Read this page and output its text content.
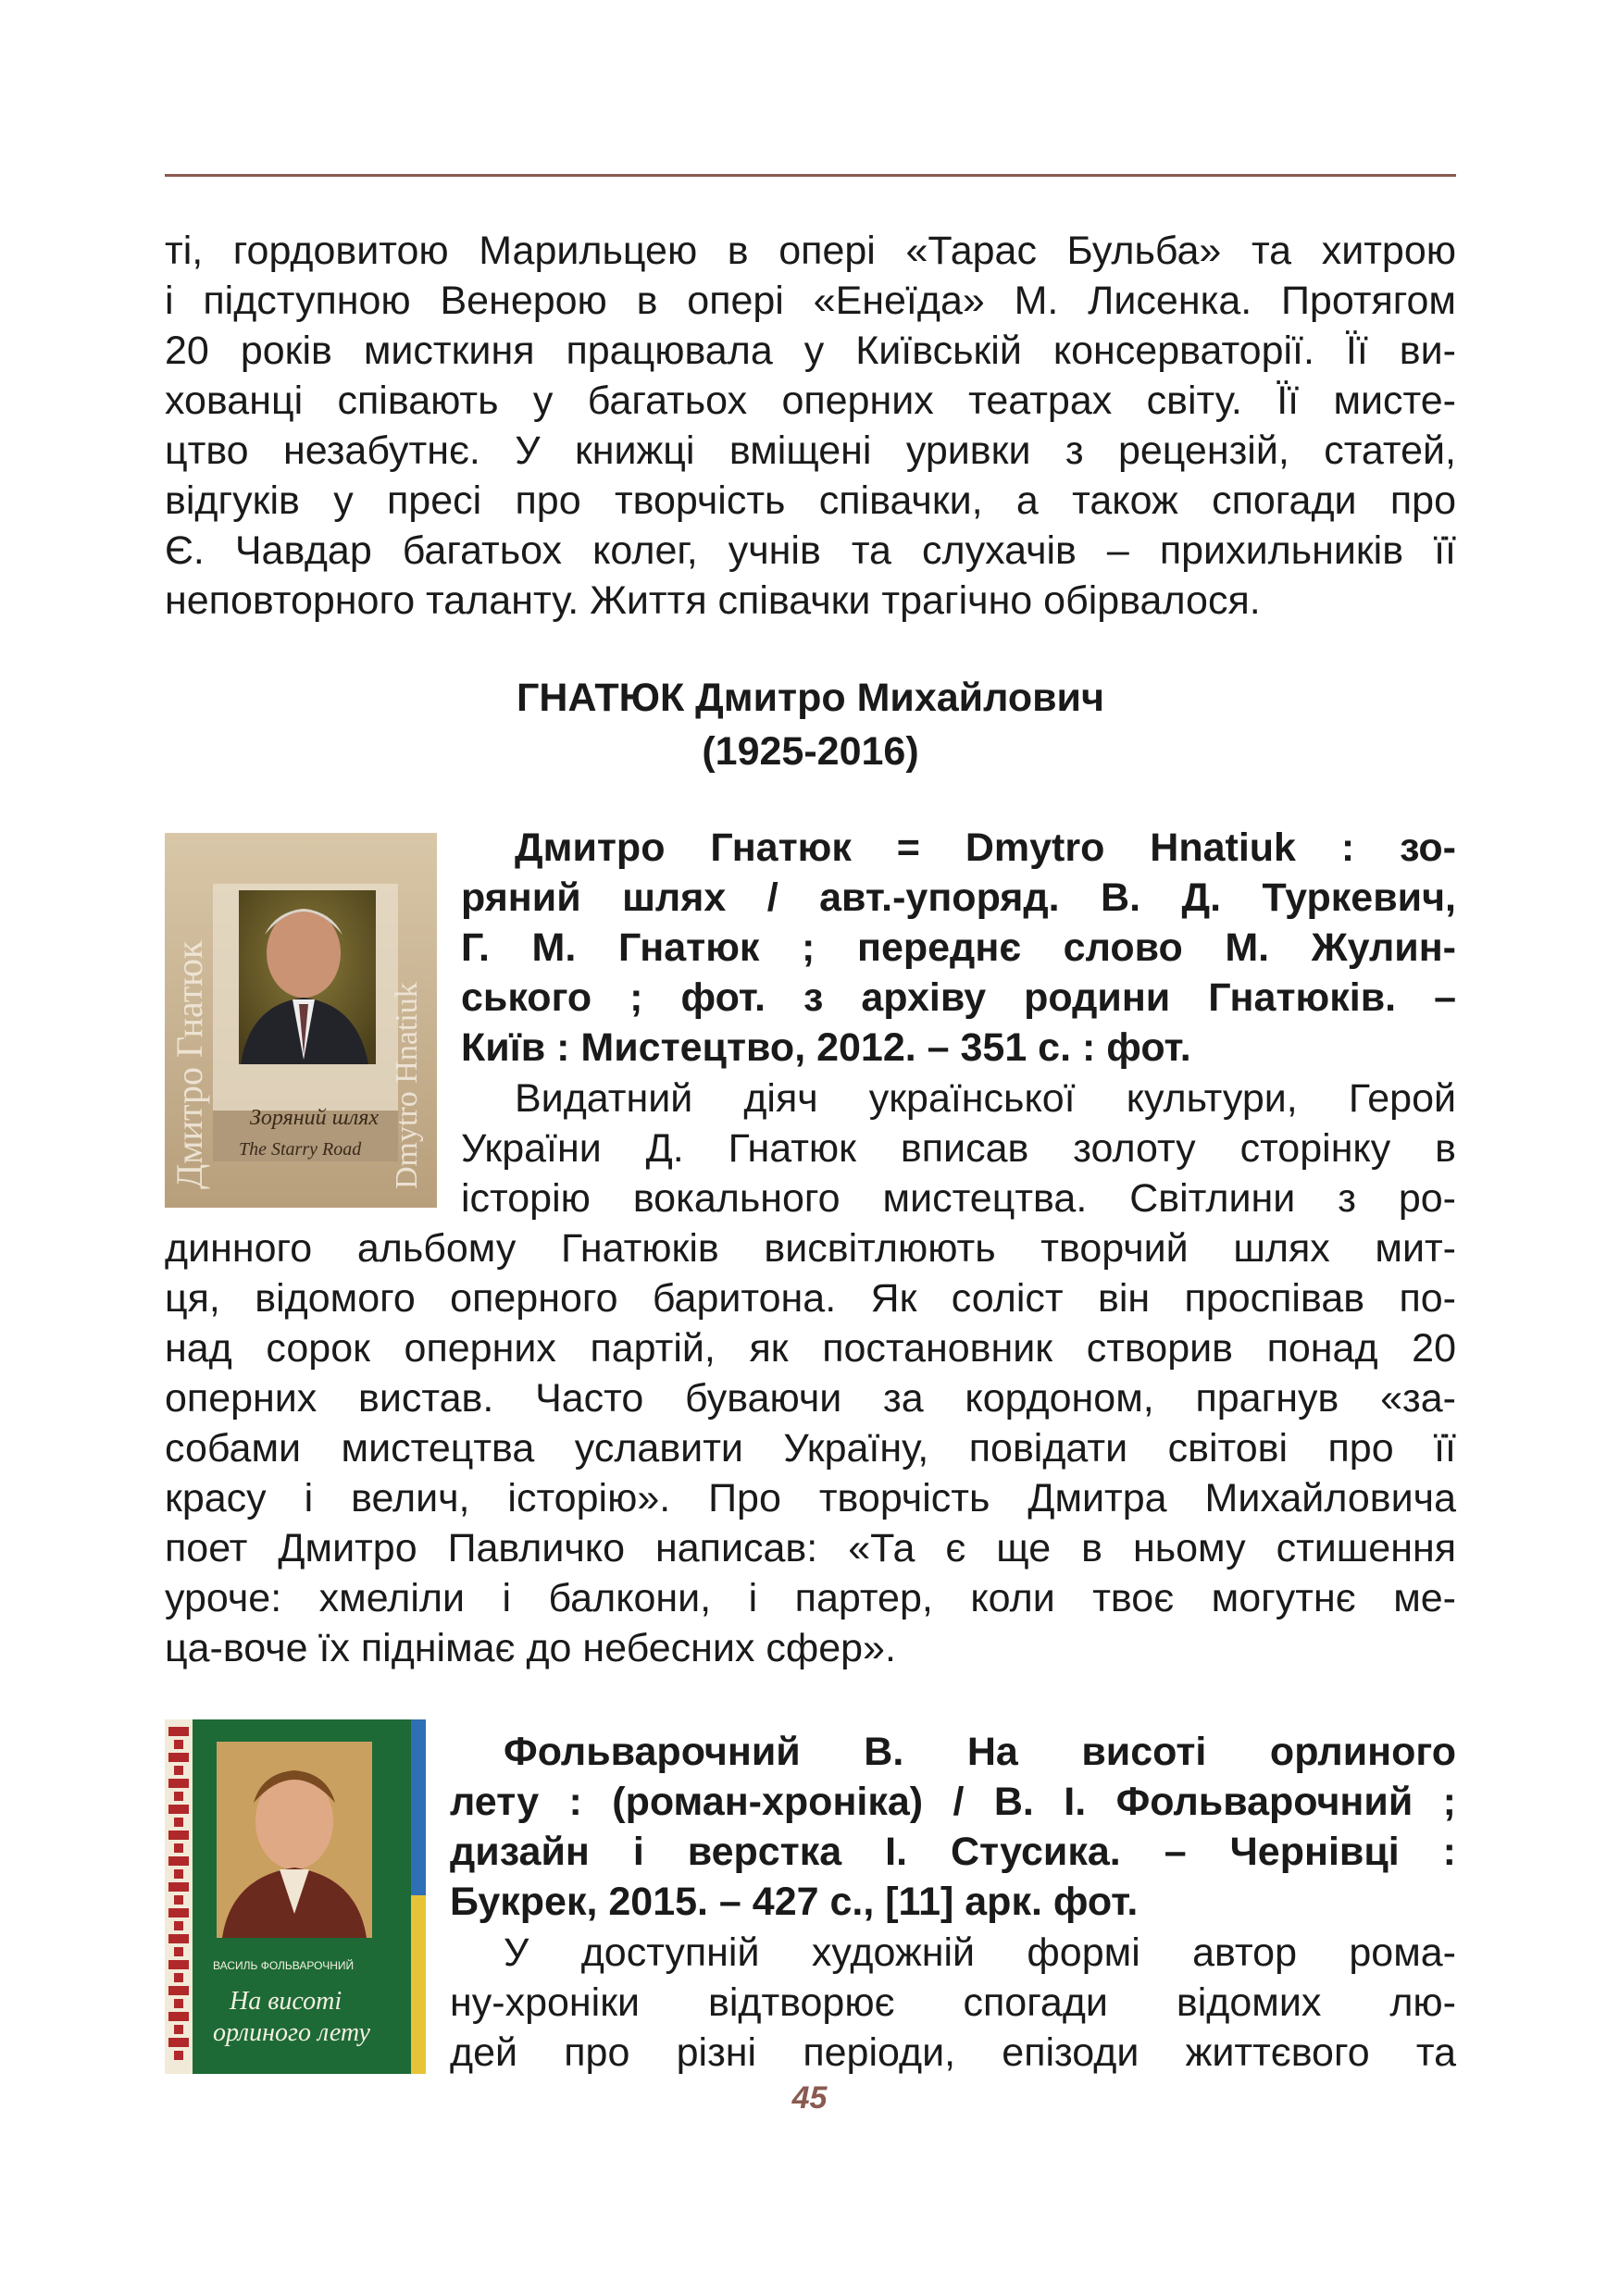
ті, гордовитою Марильцею в опері «Тарас Бульба» та хитрою
і підступною Венерою в опері «Енеїда» М. Лисенка. Протягом
20 років мисткиня працювала у Київській консерваторії. Її ви-
хованці співають у багатьох оперних театрах світу. Її мисте-
цтво незабутнє. У книжці вміщені уривки з рецензій, статей,
відгуків у пресі про творчість співачки, а також спогади про
Є. Чавдар багатьох колег, учнів та слухачів – прихильників її
неповторного таланту. Життя співачки трагічно обірвалося.
ГНАТЮК Дмитро Михайлович
(1925-2016)
Зоряний шлях
The Starry Road
Дмитро Гнатюк	Dmytro Hnatiuk
Дмитро Гнатюк = Dmytro Hnatiuk : зо-
ряний шлях / авт.-упоряд. В. Д. Туркевич,
Г. М. Гнатюк ; переднє слово М. Жулин-
ського ; фот. з архіву родини Гнатюків. –
Київ : Мистецтво, 2012. – 351 с. : фот.
Видатний діяч української культури, Герой
України Д. Гнатюк вписав золоту сторінку в
історію вокального мистецтва. Світлини з ро-
динного альбому Гнатюків висвітлюють творчий шлях мит-
ця, відомого оперного баритона. Як соліст він проспівав по-
над сорок оперних партій, як постановник створив понад 20
оперних вистав. Часто буваючи за кордоном, прагнув «за-
собами мистецтва уславити Україну, повідати світові про її
красу і велич, історію». Про творчість Дмитра Михайловича
поет Дмитро Павличко написав: «Та є ще в ньому стишення
уроче: хмеліли і балкони, і партер, коли твоє могутнє ме-
ца-воче їх піднімає до небесних сфер».
ВАСИЛЬ ФОЛЬВАРОЧНИЙ
На висоті
орлиного лету
Фольварочний В. На висоті орлиного
лету : (роман-хроніка) / В. І. Фольварочний ;
дизайн і верстка І. Стусика. – Чернівці :
Букрек, 2015. – 427 с., [11] арк. фот.
У доступній художній формі автор рома-
ну-хроніки відтворює спогади відомих лю-
дей про різні періоди, епізоди життєвого та
45
